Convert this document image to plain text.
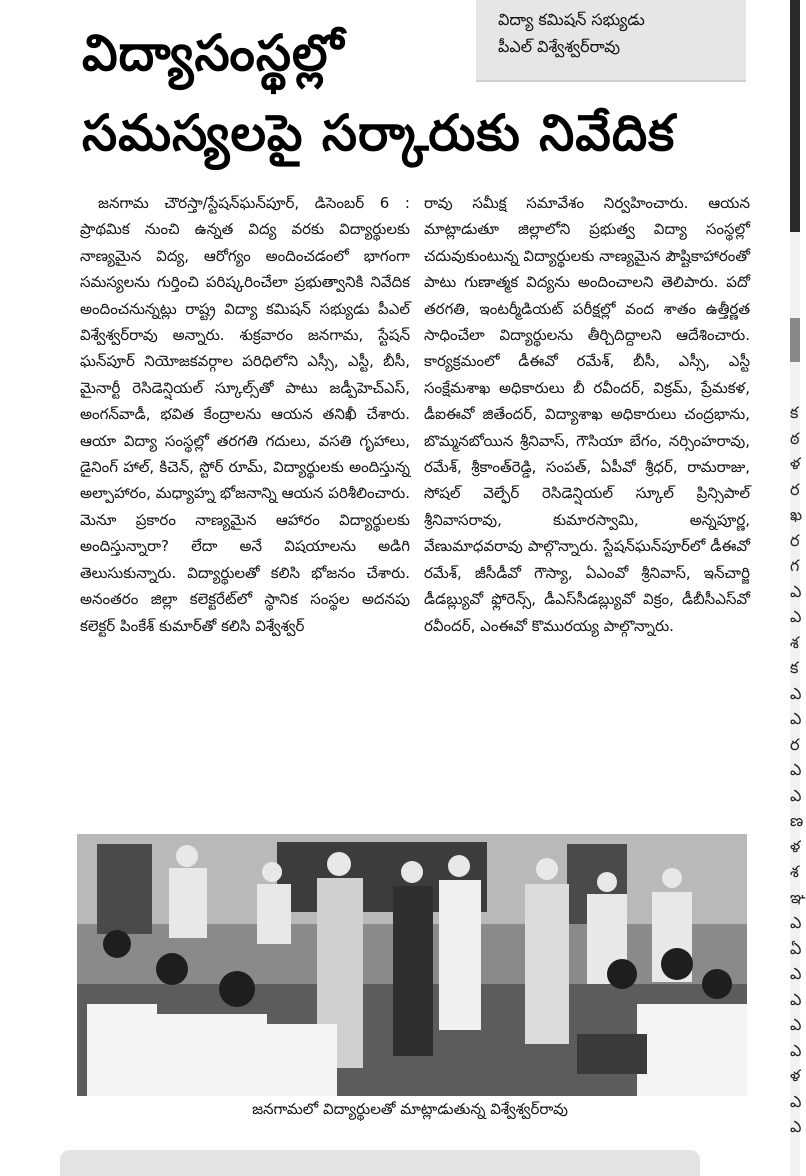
విద్యాసంస్థల్లో
సమస్యలపై సర్కారుకు నివేదిక
విద్యా కమిషన్ సభ్యుడు
పీఎల్ విశ్వేశ్వర్‌రావు

జనగామ చౌరస్తా/స్టేషన్‌ఘన్‌పూర్, డిసెంబర్ 6 : ప్రాథమిక నుంచి ఉన్నత విద్య వరకు విద్యార్థులకు నాణ్యమైన విద్య, ఆరోగ్యం అందించడంలో భాగంగా సమస్యలను గుర్తించి పరిష్కరించేలా ప్రభుత్వానికి నివేదిక అందించనున్నట్లు రాష్ట్ర విద్యా కమిషన్ సభ్యుడు పీఎల్ విశ్వేశ్వర్‌రావు అన్నారు. శుక్రవారం జనగామ, స్టేషన్ ఘన్‌పూర్ నియోజకవర్గాల పరిధిలోని ఎస్సీ, ఎస్టీ, బీసీ, మైనార్టీ రెసిడెన్షియల్ స్కూల్స్‌తో పాటు జడ్పీహెచ్‌ఎస్, అంగన్‌వాడీ, భవిత కేంద్రాలను ఆయన తనిఖీ చేశారు. ఆయా విద్యా సంస్థల్లో తరగతి గదులు, వసతి గృహాలు, డైనింగ్ హాల్, కిచెన్, స్టోర్ రూమ్, విద్యార్థులకు అందిస్తున్న అల్పాహారం, మధ్యాహ్న భోజనాన్ని ఆయన పరిశీలించారు. మెనూ ప్రకారం నాణ్యమైన ఆహారం విద్యార్థులకు అందిస్తున్నారా? లేదా అనే విషయాలను అడిగి తెలుసుకున్నారు. విద్యార్థులతో కలిసి భోజనం చేశారు. అనంతరం జిల్లా కలెక్టరేట్‌లో స్థానిక సంస్థల అదనపు కలెక్టర్ పింకేశ్ కుమార్‌తో కలిసి విశ్వేశ్వర్

రావు సమీక్ష సమావేశం నిర్వహించారు. ఆయన మాట్లాడుతూ జిల్లాలోని ప్రభుత్వ విద్యా సంస్థల్లో చదువుకుంటున్న విద్యార్థులకు నాణ్యమైన పౌష్టికాహారంతో పాటు గుణాత్మక విద్యను అందించాలని తెలిపారు. పదో తరగతి, ఇంటర్మీడియట్ పరీక్షల్లో వంద శాతం ఉత్తీర్ణత సాధించేలా విద్యార్థులను తీర్చిదిద్దాలని ఆదేశించారు. కార్యక్రమంలో డీఈవో రమేశ్, బీసీ, ఎస్సీ, ఎస్టీ సంక్షేమశాఖ అధికారులు బీ రవీందర్, విక్రమ్, ప్రేమకళ, డీఐఈవో జితేందర్, విద్యాశాఖ అధికారులు చంద్రభాను, బొమ్మనబోయిన శ్రీనివాస్, గౌసియా బేగం, నర్సింహరావు, రమేశ్, శ్రీకాంత్‌రెడ్డి, సంపత్, ఏపీవో శ్రీధర్, రామరాజు, సోషల్ వెల్ఫేర్ రెసిడెన్షియల్ స్కూల్ ప్రిన్సిపాల్ శ్రీనివాసరావు, కుమారస్వామి, అన్నపూర్ణ, వేణుమాధవరావు పాల్గొన్నారు. స్టేషన్‌ఘన్‌పూర్‌లో డీఈవో రమేశ్, జీసీడీవో గౌస్యా, ఏఎంవో శ్రీనివాస్, ఇన్‌చార్జి డీడబ్ల్యువో ఫ్లోరెన్స్, డీఎస్‌సీడబ్ల్యువో విక్రం, డీబీసీఎస్‌వో రవీందర్, ఎంఈవో కొమురయ్య పాల్గొన్నారు.

జనగామలో విద్యార్థులతో మాట్లాడుతున్న విశ్వేశ్వర్‌రావు
క
ఠ
ళ
ర
ఖ
ర
గ
ఎ
ఎ
శ
క
ఎ
ఎ
ర
ఎ
ఎ
ణ
ళ
శ
ఞ
ఎ
ఏ
ఎ
ఎ
ఎ
ఎ
ళ
ఎ
ఎ
